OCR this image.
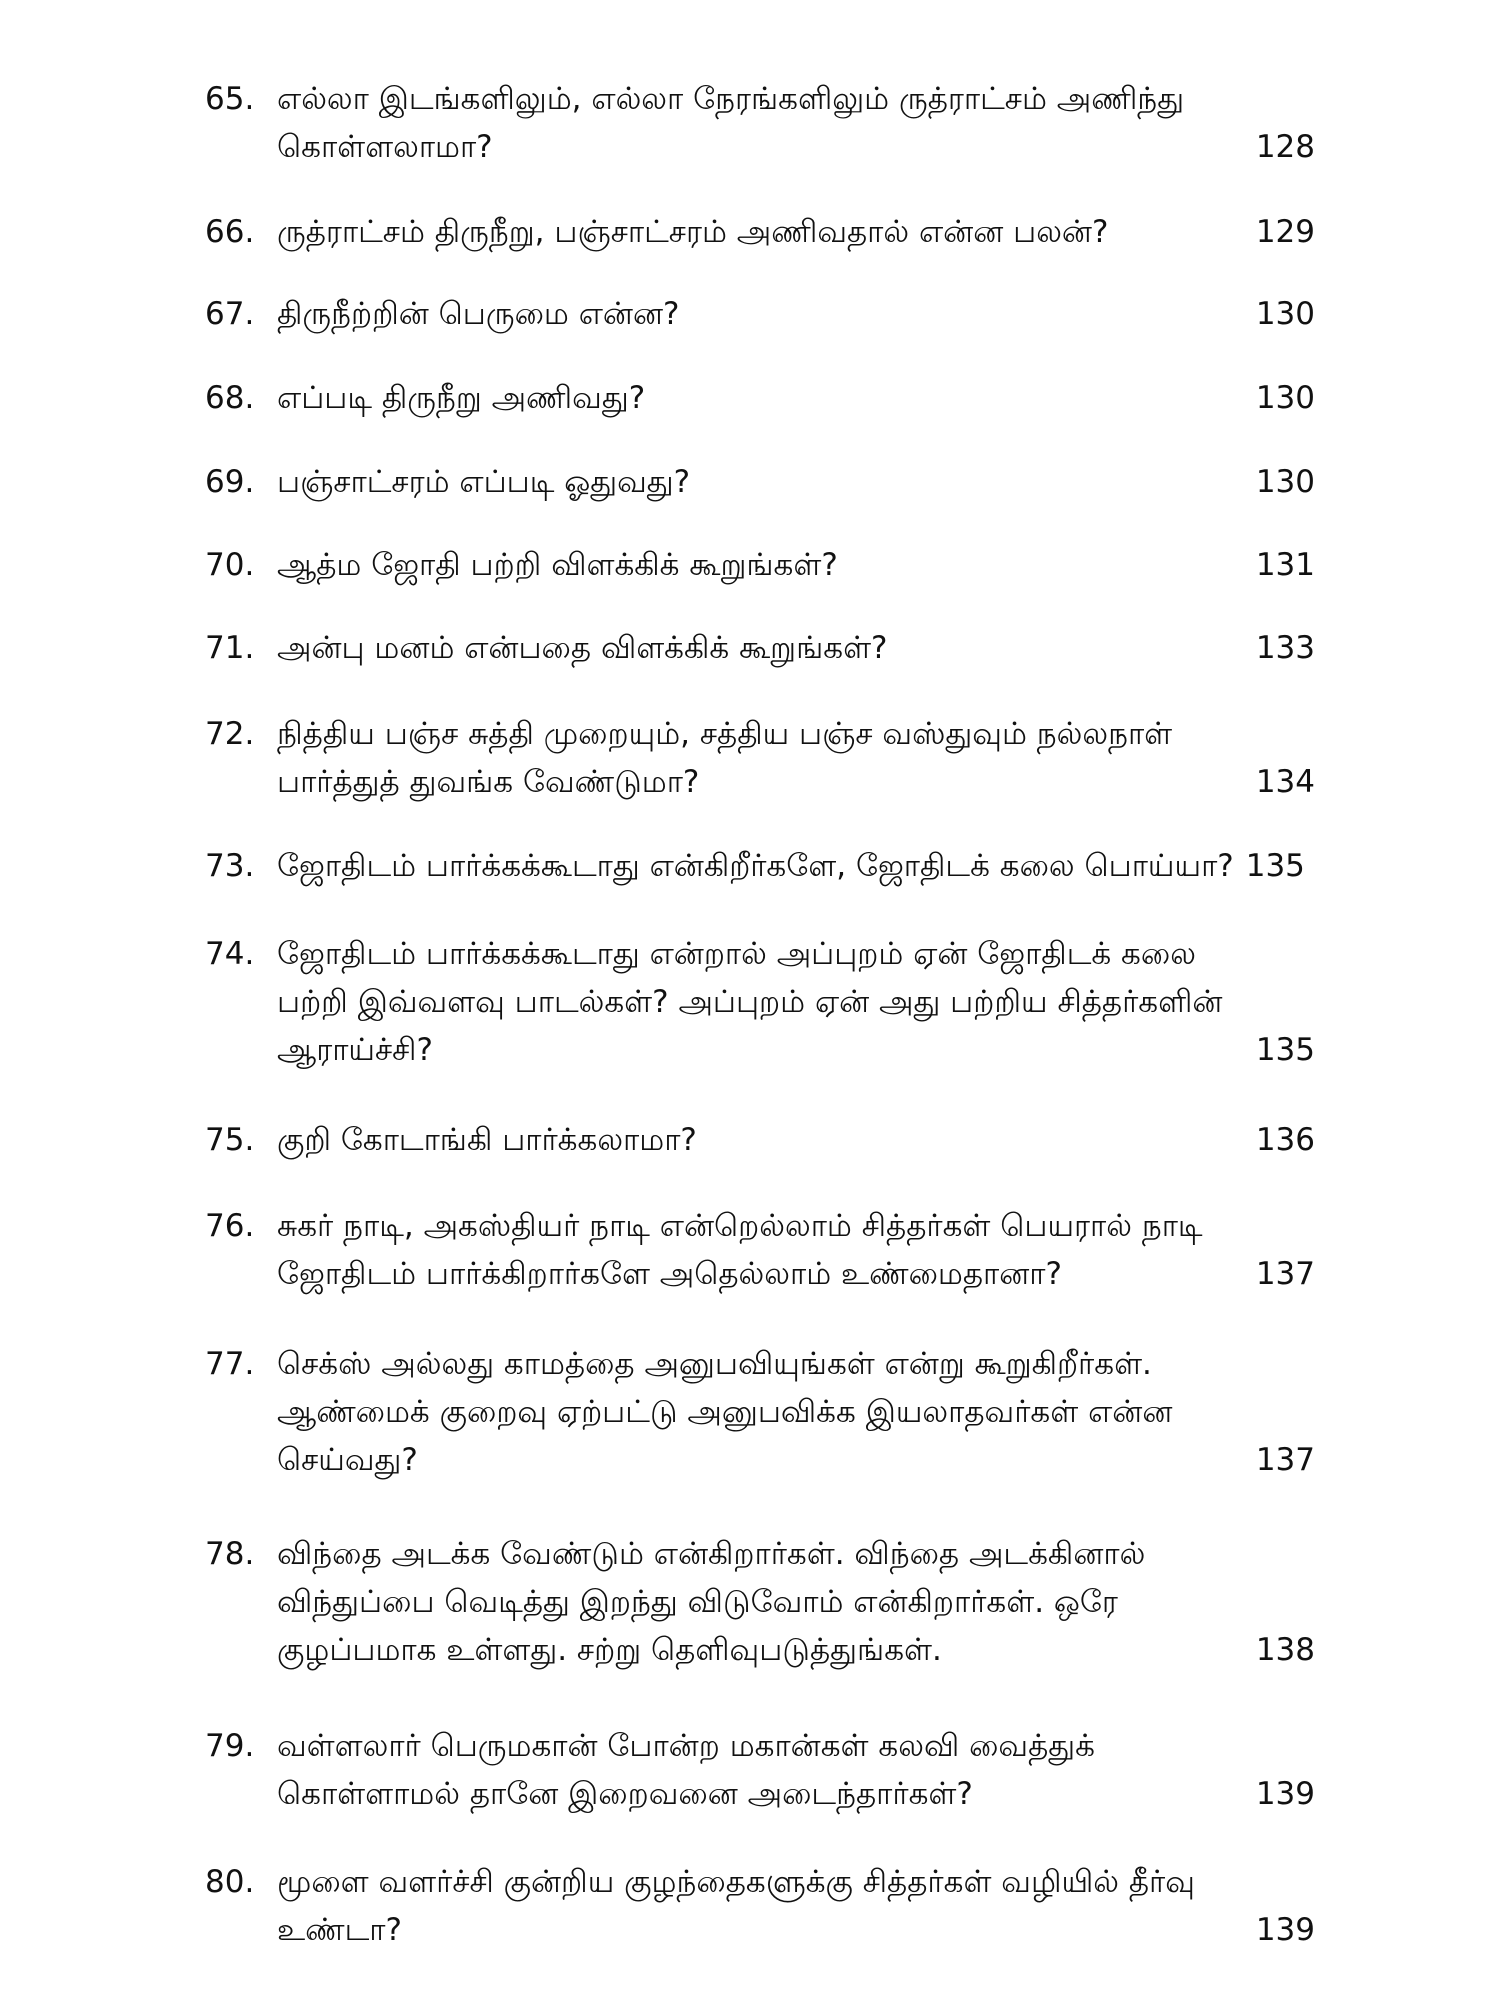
65. எல்லா இடங்களிலும், எல்லா நேரங்களிலும் ருத்ராட்சம் அணிந்து
கொள்ளலாமா?	128
66. ருத்ராட்சம் திருநீறு, பஞ்சாட்சரம் அணிவதால் என்ன பலன்?	129
67. திருநீற்றின் பெருமை என்ன?	130
68. எப்படி திருநீறு அணிவது?	130
69. பஞ்சாட்சரம் எப்படி ஓதுவது?	130
70. ஆத்ம ஜோதி பற்றி விளக்கிக் கூறுங்கள்?	131
71. அன்பு மனம் என்பதை விளக்கிக் கூறுங்கள்?	133
72. நித்திய பஞ்ச சுத்தி முறையும், சத்திய பஞ்ச வஸ்துவும் நல்லநாள்
பார்த்துத் துவங்க வேண்டுமா?	134
73. ஜோதிடம் பார்க்கக்கூடாது என்கிறீர்களே, ஜோதிடக் கலை பொய்யா? 135
74. ஜோதிடம் பார்க்கக்கூடாது என்றால் அப்புறம் ஏன் ஜோதிடக் கலை
பற்றி இவ்வளவு பாடல்கள்? அப்புறம் ஏன் அது பற்றிய சித்தர்களின்
ஆராய்ச்சி?	135
75. குறி கோடாங்கி பார்க்கலாமா?	136
76. சுகர் நாடி, அகஸ்தியர் நாடி என்றெல்லாம் சித்தர்கள் பெயரால் நாடி
ஜோதிடம் பார்க்கிறார்களே அதெல்லாம் உண்மைதானா?	137
77. செக்ஸ் அல்லது காமத்தை அனுபவியுங்கள் என்று கூறுகிறீர்கள்.
ஆண்மைக் குறைவு ஏற்பட்டு அனுபவிக்க இயலாதவர்கள் என்ன
செய்வது?	137
78. விந்தை அடக்க வேண்டும் என்கிறார்கள். விந்தை அடக்கினால்
விந்துப்பை வெடித்து இறந்து விடுவோம் என்கிறார்கள். ஒரே
குழப்பமாக உள்ளது. சற்று தெளிவுபடுத்துங்கள்.	138
79. வள்ளலார் பெருமகான் போன்ற மகான்கள் கலவி வைத்துக்
கொள்ளாமல் தானே இறைவனை அடைந்தார்கள்?	139
80. மூளை வளர்ச்சி குன்றிய குழந்தைகளுக்கு சித்தர்கள் வழியில் தீர்வு
உண்டா?	139
